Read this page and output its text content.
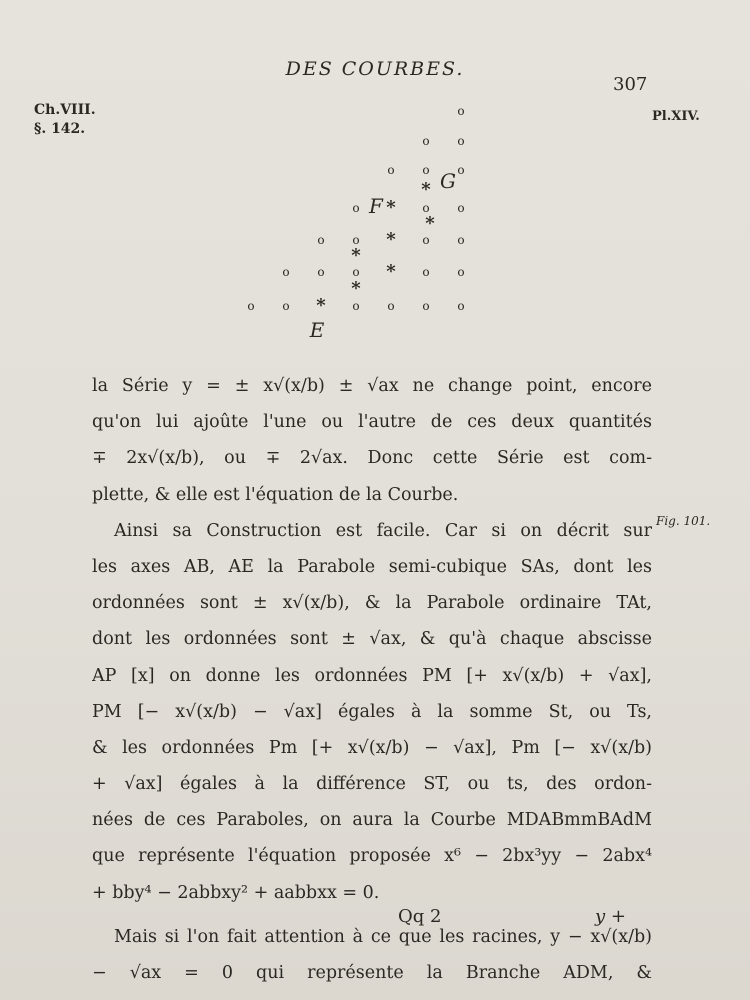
DES COURBES.
307
Ch.VIII.
§. 142.
Pl.XIV.
Fig. 101.
o
o o
o o o
*
o * o o
*
o o * o o
*
o o o * o o
*
o o * o o o o
G
F
E
la Série y = ± x√(x/b) ± √ax ne change point, encore
qu'on lui ajoûte l'une ou l'autre de ces deux quantités
∓ 2x√(x/b), ou ∓ 2√ax. Donc cette Série est com-
plette, & elle est l'équation de la Courbe.
Ainsi sa Construction est facile. Car si on décrit sur
les axes AB, AE la Parabole semi-cubique SAs, dont les
ordonnées sont ± x√(x/b), & la Parabole ordinaire TAt,
dont les ordonnées sont ± √ax, & qu'à chaque abscisse
AP [x] on donne les ordonnées PM [+ x√(x/b) + √ax],
PM [− x√(x/b) − √ax] égales à la somme St, ou Ts,
& les ordonnées Pm [+ x√(x/b) − √ax], Pm [− x√(x/b)
+ √ax] égales à la différence ST, ou ts, des ordon-
nées de ces Paraboles, on aura la Courbe MDABmmBAdM
que représente l'équation proposée x⁶ − 2bx³yy − 2abx⁴
+ bby⁴ − 2abbxy² + aabbxx = 0.
Mais si l'on fait attention à ce que les racines, y − x√(x/b)
− √ax = 0 qui représente la Branche ADM, &
Qq 2	y +
